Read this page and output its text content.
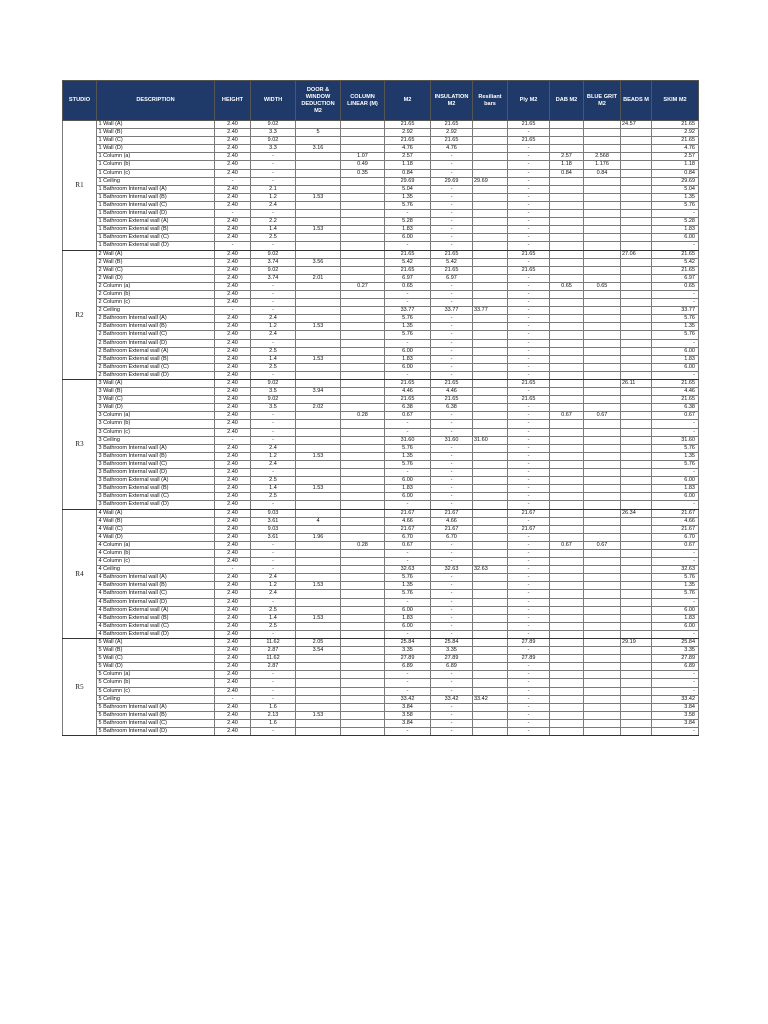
STUDIO	DESCRIPTION	HEIGHT	WIDTH	DOOR & WINDOW DEDUCTION M2	COLUMN LINEAR (M)	M2	INSULATION M2	Resiliant bars	Ply M2	DAB M2	BLUE GRIT M2	BEADS M	SKIM M2
R1	1 Wall (A)	2.40	9.02			21.65	21.65		21.65			24.57	21.65
	1 Wall (B)	2.40	3.3	5		2.92	2.92		-				2.92
	1 Wall (C)	2.40	9.02			21.65	21.65		21.65				21.65
	1 Wall (D)	2.40	3.3	3.16		4.76	4.76		-				4.76
	1 Column (a)	2.40	-		1.07	2.57	-		-	2.57	2.568		2.57
	1 Column (b)	2.40	-		0.49	1.18	-		-	1.18	1.176		1.18
	1 Column (c)	2.40	-		0.35	0.84	-		-	0.84	0.84		0.84
	1 Ceiling	-	-			29.69	29.69	29.69	-				29.69
	1 Bathroom Internal wall (A)	2.40	2.1			5.04	-		-				5.04
	1 Bathroom Internal wall (B)	2.40	1.2	1.53		1.35	-		-				1.35
	1 Bathroom Internal wall (C)	2.40	2.4			5.76	-		-				5.76
	1 Bathroom Internal wall (D)	-	-			-	-		-				-
	1 Bathroom External wall (A)	2.40	2.2			5.28	-		-				5.28
	1 Bathroom External wall (B)	2.40	1.4	1.53		1.83	-		-				1.83
	1 Bathroom External wall (C)	2.40	2.5			6.00	-		-				6.00
	1 Bathroom External wall (D)	-	-			-	-		-				-
R2	2 Wall (A)	2.40	9.02			21.65	21.65		21.65			27.06	21.65
	2 Wall (B)	2.40	3.74	3.56		5.42	5.42		-				5.42
	2 Wall (C)	2.40	9.02			21.65	21.65		21.65				21.65
	2 Wall (D)	2.40	3.74	2.01		6.97	6.97		-				6.97
	2 Column (a)	2.40	-		0.27	0.65	-		-	0.65	0.65		0.65
	2 Column (b)	2.40	-			-	-		-				-
	2 Column (c)	2.40	-			-	-		-				-
	2 Ceiling	-	-			33.77	33.77	33.77	-				33.77
	2 Bathroom Internal wall (A)	2.40	2.4			5.76	-		-				5.76
	2 Bathroom Internal wall (B)	2.40	1.2	1.53		1.35	-		-				1.35
	2 Bathroom Internal wall (C)	2.40	2.4			5.76	-		-				5.76
	2 Bathroom Internal wall (D)	2.40	-			-	-		-				-
	2 Bathroom External wall (A)	2.40	2.5			6.00	-		-				6.00
	2 Bathroom External wall (B)	2.40	1.4	1.53		1.83	-		-				1.83
	2 Bathroom External wall (C)	2.40	2.5			6.00	-		-				6.00
	2 Bathroom External wall (D)	2.40	-			-	-		-				-
R3	3 Wall (A)	2.40	9.02			21.65	21.65		21.65			26.11	21.65
	3 Wall (B)	2.40	3.5	3.94		4.46	4.46		-				4.46
	3 Wall (C)	2.40	9.02			21.65	21.65		21.65				21.65
	3 Wall (D)	2.40	3.5	2.02		6.38	6.38		-				6.38
	3 Column (a)	2.40	-		0.28	0.67	-		-	0.67	0.67		0.67
	3 Column (b)	2.40	-			-	-		-				-
	3 Column (c)	2.40	-			-	-		-				-
	3 Ceiling	-	-			31.60	31.60	31.60	-				31.60
	3 Bathroom Internal wall (A)	2.40	2.4			5.76	-		-				5.76
	3 Bathroom Internal wall (B)	2.40	1.2	1.53		1.35	-		-				1.35
	3 Bathroom Internal wall (C)	2.40	2.4			5.76	-		-				5.76
	3 Bathroom Internal wall (D)	2.40	-			-	-		-				-
	3 Bathroom External wall (A)	2.40	2.5			6.00	-		-				6.00
	3 Bathroom External wall (B)	2.40	1.4	1.53		1.83	-		-				1.83
	3 Bathroom External wall (C)	2.40	2.5			6.00	-		-				6.00
	3 Bathroom External wall (D)	2.40	-			-	-		-				-
R4	4 Wall (A)	2.40	9.03			21.67	21.67		21.67			26.34	21.67
	4 Wall (B)	2.40	3.61	4		4.66	4.66		-				4.66
	4 Wall (C)	2.40	9.03			21.67	21.67		21.67				21.67
	4 Wall (D)	2.40	3.61	1.96		6.70	6.70		-				6.70
	4 Column (a)	2.40	-		0.28	0.67	-		-	0.67	0.67		0.67
	4 Column (b)	2.40	-			-	-		-				-
	4 Column (c)	2.40	-			-	-		-				-
	4 Ceiling	-	-			32.63	32.63	32.63	-				32.63
	4 Bathroom Internal wall (A)	2.40	2.4			5.76	-		-				5.76
	4 Bathroom Internal wall (B)	2.40	1.2	1.53		1.35	-		-				1.35
	4 Bathroom Internal wall (C)	2.40	2.4			5.76	-		-				5.76
	4 Bathroom Internal wall (D)	2.40	-			-	-		-				-
	4 Bathroom External wall (A)	2.40	2.5			6.00	-		-				6.00
	4 Bathroom External wall (B)	2.40	1.4	1.53		1.83	-		-				1.83
	4 Bathroom External wall (C)	2.40	2.5			6.00	-		-				6.00
	4 Bathroom External wall (D)	2.40	-			-	-		-				-
R5	5 Wall (A)	2.40	11.62	2.05		25.84	25.84		27.89			29.19	25.84
	5 Wall (B)	2.40	2.87	3.54		3.35	3.35		-				3.35
	5 Wall (C)	2.40	11.62			27.89	27.89		27.89				27.89
	5 Wall (D)	2.40	2.87			6.89	6.89		-				6.89
	5 Column (a)	2.40	-			-	-		-				-
	5 Column (b)	2.40	-			-	-		-				-
	5 Column (c)	2.40	-			-	-		-				-
	5 Ceiling	-	-			33.42	33.42	33.42	-				33.42
	5 Bathroom Internal wall (A)	2.40	1.6			3.84	-		-				3.84
	5 Bathroom Internal wall (B)	2.40	2.13	1.53		3.58	-		-				3.58
	5 Bathroom Internal wall (C)	2.40	1.6			3.84	-		-				3.84
	5 Bathroom Internal wall (D)	2.40	-			-	-		-				-
